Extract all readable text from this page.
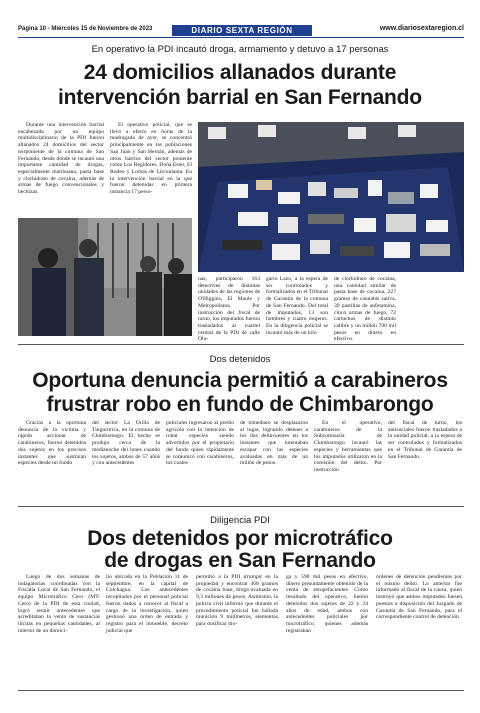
Página 10 - Miércoles 15 de Noviembre de 2023	DIARIO SEXTA REGIÓN	www.diariosextaregion.cl
En operativo la PDI incautó droga, armamento y detuvo a 17 personas
24 domicilios allanados durante
intervención barrial en San Fernando

Durante una intervención barrial encabezada por un equipo multidisciplinario de la PDI fueron allanados 24 domicilios del sector norponiente de la comuna de San Fernando, desde donde se incautó una importante cantidad de drogas, especialmente marihuana, pasta base y clorhidrato de cocaína, además de armas de fuego convencionales y hechizas.

El operativo policial, que se llevó a efecto en horas de la madrugada de ayer, se concentró principalmente en las poblaciones San Juan y San Hernán, además de otros barrios del sector poniente como Los Regidores, Doña Ester, El Rodeo y Lomas de Lircunlanta. En la intervención barrial en la que fueron detenidas en primera instancia 17 perso-

nas, participaron 163 detectives de distintas unidades de las regiones de O'Higgins, El Maule y Metropolitana. Por instrucción del fiscal de turno, los imputados fueron trasladados al cuartel central de la PDI de calle Olo-

gario Lazo, a la espera de ser controlados y formalizados en el Tribunal de Garantía de la comuna de San Fernando. Del total de imputados, 13 son hombres y cuatro mujeres. En la diligencia policial se incautó más de un kilo

de clorhidrato de cocaína, una cantidad similar de pasta base de cocaína, 227 gramos de cannabis sativa, 39 pastillas de anfetamina, cinco armas de fuego, 72 cartuchos de distinto calibre y un millón 700 mil pesos en dinero en efectivo.

Dos detenidos
Oportuna denuncia permitió a carabineros
frustrar robo en fundo de Chimbarongo

Gracias a la oportuna denuncia de la víctima y rápido accionar de carabineros, fueron detenidos dos sujetos en los precisos instantes que sustraían especies desde un fundo

del sector La Orilla de Tinguiririca, en la comuna de Chimbarongo. El hecho se produjo cerca de la medianoche del lunes cuando los sujetos, ambos de 57 años y con antecedentes

policiales ingresaron al predio agrícola con la intención de robar especies siendo advertidos por el propietario del fundo quien rápidamente se comunicó con carabineros, los cuales

de inmediato se desplazaron al lugar, logrando detener a los dos delincuentes en los instantes que intentaban escapar con las especies avaluadas en más de un millón de pesos.

En el operativo, carabineros de la Subcomisaría de Chimbarongo incautó las especies y herramientas que los imputados utilizaron en la comisión del delito. Por instrucción

del fiscal de turno, los antisociales fueron trasladados a la unidad policial, a la espera de ser controlados y formalizados en el Tribunal de Garantía de San Fernando.

Diligencia PDI
Dos detenidos por microtráfico
de drogas en San Fernando

Luego de dos semanas de indagatorias coordinadas con la Fiscalía Local de San Fernando, el equipo Microtráfico Cero (MT-Cero) de la PDI de esta ciudad, logró reunir antecedentes que acreditaban la venta de sustancias ilícitas en pequeñas cantidades, al interior de un domici-

lio ubicado en la Población 11 de septiembre, en la capital de Colchagua. Los antecedentes recopilados por el personal policial fueron dados a conocer al fiscal a cargo de la investigación, quien gestionó una orden de entrada y registro para el inmueble, decreto judicial que

permitió a la PDI irrumpir en la propiedad y encontrar 468 gramos de cocaína base, droga avaluada en 9,3 millones de pesos. Asimismo, la policía civil informó que durante el procedimiento policial fue hallada munición 9 milímetros, elementos para dosificar dro-

ga y 590 mil pesos en efectivo, dinero presuntamente obtenido de la venta de estupefacientes. Como resultado del operativo, fueron detenidos dos sujetos de 22 y 24 años de edad, ambos con antecedentes policiales por microtráfico, quienes además registraban

órdenes de detención pendientes por el mismo delito. Lo anterior fue informado al fiscal de la causa, quien instruyó que ambos imputados fuesen puestos a disposición del Juzgado de Garantía de San Fernando, para el correspondiente control de detención.
